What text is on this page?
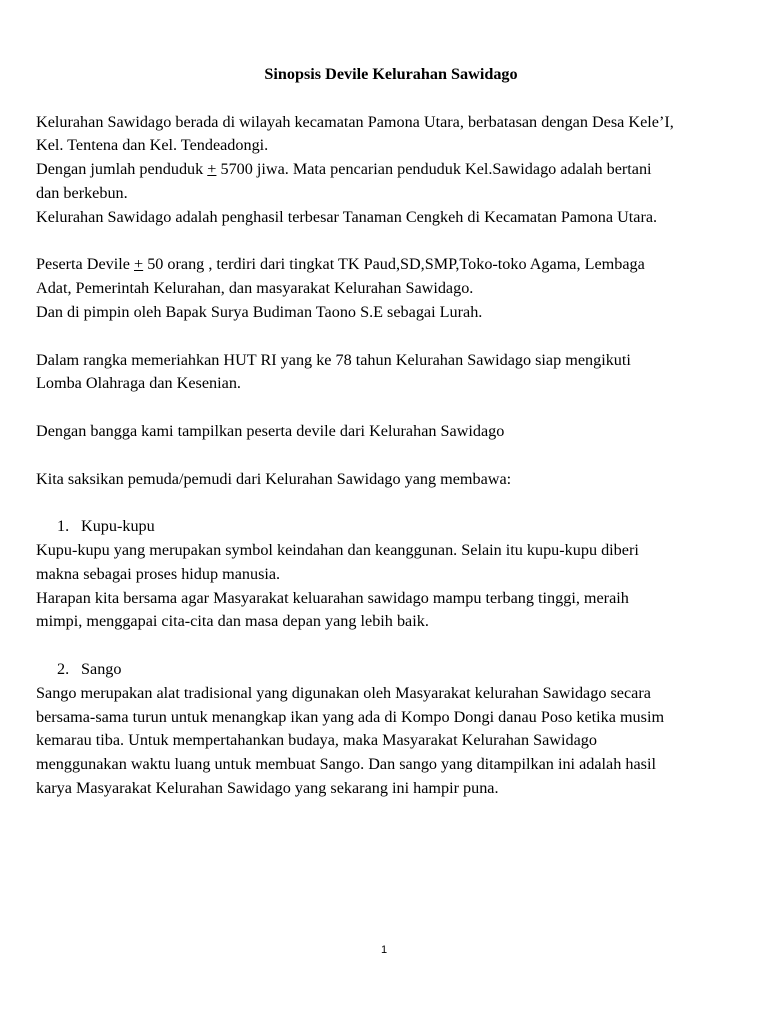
Sinopsis Devile Kelurahan Sawidago

Kelurahan Sawidago berada di wilayah kecamatan Pamona Utara, berbatasan dengan Desa Kele’I,

Kel. Tentena dan Kel. Tendeadongi.

Dengan jumlah penduduk + 5700 jiwa. Mata pencarian penduduk Kel.Sawidago adalah bertani

dan berkebun.

Kelurahan Sawidago adalah penghasil terbesar Tanaman Cengkeh di Kecamatan Pamona Utara.

Peserta Devile + 50 orang , terdiri dari tingkat TK Paud,SD,SMP,Toko-toko Agama, Lembaga

Adat, Pemerintah Kelurahan, dan masyarakat Kelurahan Sawidago.

Dan di pimpin oleh Bapak Surya Budiman Taono S.E sebagai Lurah.

Dalam rangka memeriahkan HUT RI yang ke 78 tahun Kelurahan Sawidago siap mengikuti

Lomba Olahraga dan Kesenian.

Dengan bangga kami tampilkan peserta devile dari Kelurahan Sawidago

Kita saksikan pemuda/pemudi dari Kelurahan Sawidago yang membawa:

1. Kupu-kupu

Kupu-kupu yang merupakan symbol keindahan dan keanggunan. Selain itu kupu-kupu diberi

makna sebagai proses hidup manusia.

Harapan kita bersama agar Masyarakat keluarahan sawidago mampu terbang tinggi, meraih

mimpi, menggapai cita-cita dan masa depan yang lebih baik.

2. Sango

Sango merupakan alat tradisional yang digunakan oleh Masyarakat kelurahan Sawidago secara

bersama-sama turun untuk menangkap ikan yang ada di Kompo Dongi danau Poso ketika musim

kemarau tiba. Untuk mempertahankan budaya, maka Masyarakat Kelurahan Sawidago

menggunakan waktu luang untuk membuat Sango. Dan sango yang ditampilkan ini adalah hasil

karya Masyarakat Kelurahan Sawidago yang sekarang ini hampir puna.

1
